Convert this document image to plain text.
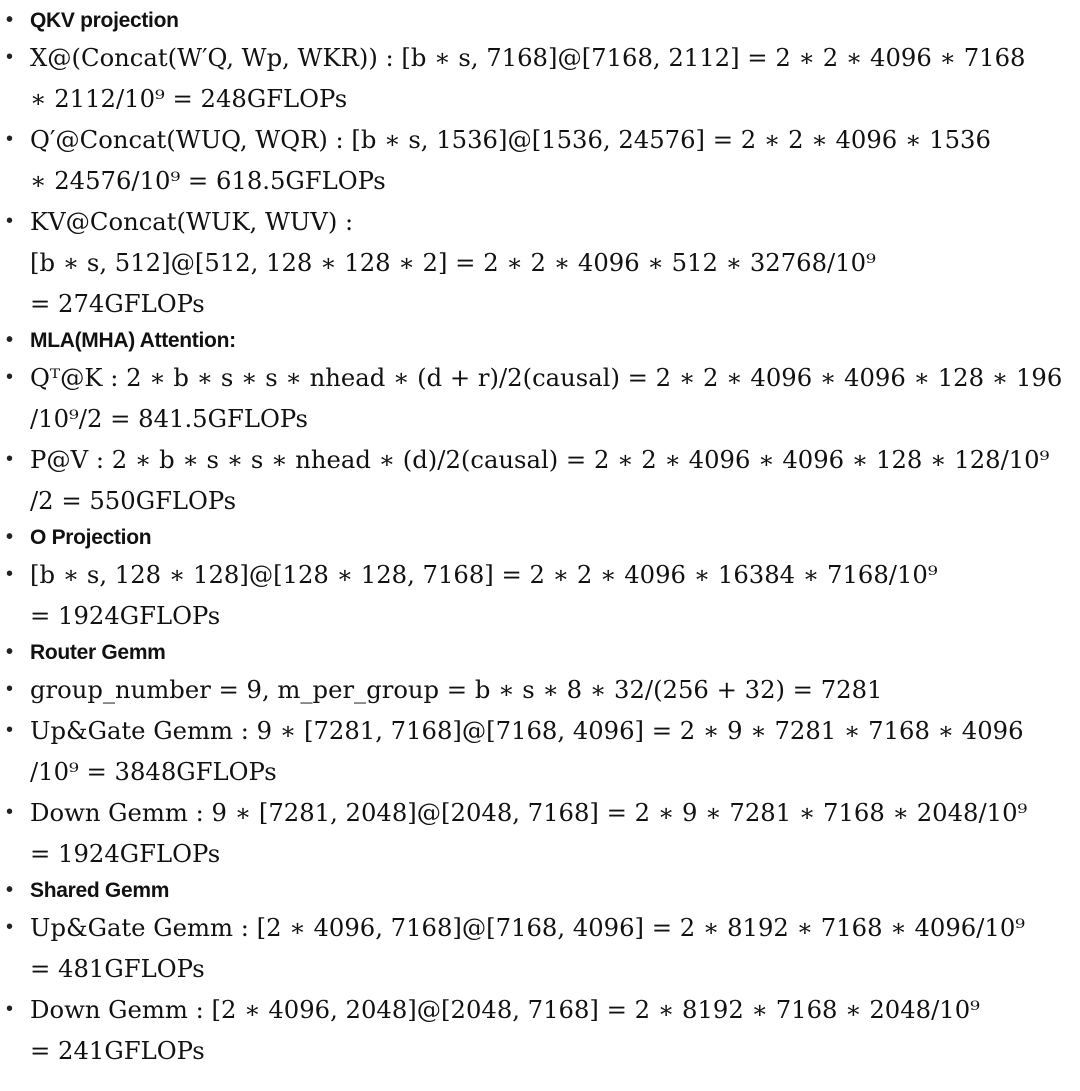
• QKV projection
• X@(Concat(W′Q, Wp, WKR)) : [b ∗ s, 7168]@[7168, 2112] = 2 ∗ 2 ∗ 4096 ∗ 7168
∗ 2112/10⁹ = 248GFLOPs
• Q′@Concat(WUQ, WQR) : [b ∗ s, 1536]@[1536, 24576] = 2 ∗ 2 ∗ 4096 ∗ 1536
∗ 24576/10⁹ = 618.5GFLOPs
• KV@Concat(WUK, WUV) :
[b ∗ s, 512]@[512, 128 ∗ 128 ∗ 2] = 2 ∗ 2 ∗ 4096 ∗ 512 ∗ 32768/10⁹
= 274GFLOPs
• MLA(MHA) Attention:
• Qᵀ@K : 2 ∗ b ∗ s ∗ s ∗ nhead ∗ (d + r)/2(causal) = 2 ∗ 2 ∗ 4096 ∗ 4096 ∗ 128 ∗ 196
/10⁹/2 = 841.5GFLOPs
• P@V : 2 ∗ b ∗ s ∗ s ∗ nhead ∗ (d)/2(causal) = 2 ∗ 2 ∗ 4096 ∗ 4096 ∗ 128 ∗ 128/10⁹
/2 = 550GFLOPs
• O Projection
• [b ∗ s, 128 ∗ 128]@[128 ∗ 128, 7168] = 2 ∗ 2 ∗ 4096 ∗ 16384 ∗ 7168/10⁹
= 1924GFLOPs
• Router Gemm
• group_number = 9, m_per_group = b ∗ s ∗ 8 ∗ 32/(256 + 32) = 7281
• Up&Gate Gemm : 9 ∗ [7281, 7168]@[7168, 4096] = 2 ∗ 9 ∗ 7281 ∗ 7168 ∗ 4096
/10⁹ = 3848GFLOPs
• Down Gemm : 9 ∗ [7281, 2048]@[2048, 7168] = 2 ∗ 9 ∗ 7281 ∗ 7168 ∗ 2048/10⁹
= 1924GFLOPs
• Shared Gemm
• Up&Gate Gemm : [2 ∗ 4096, 7168]@[7168, 4096] = 2 ∗ 8192 ∗ 7168 ∗ 4096/10⁹
= 481GFLOPs
• Down Gemm : [2 ∗ 4096, 2048]@[2048, 7168] = 2 ∗ 8192 ∗ 7168 ∗ 2048/10⁹
= 241GFLOPs
